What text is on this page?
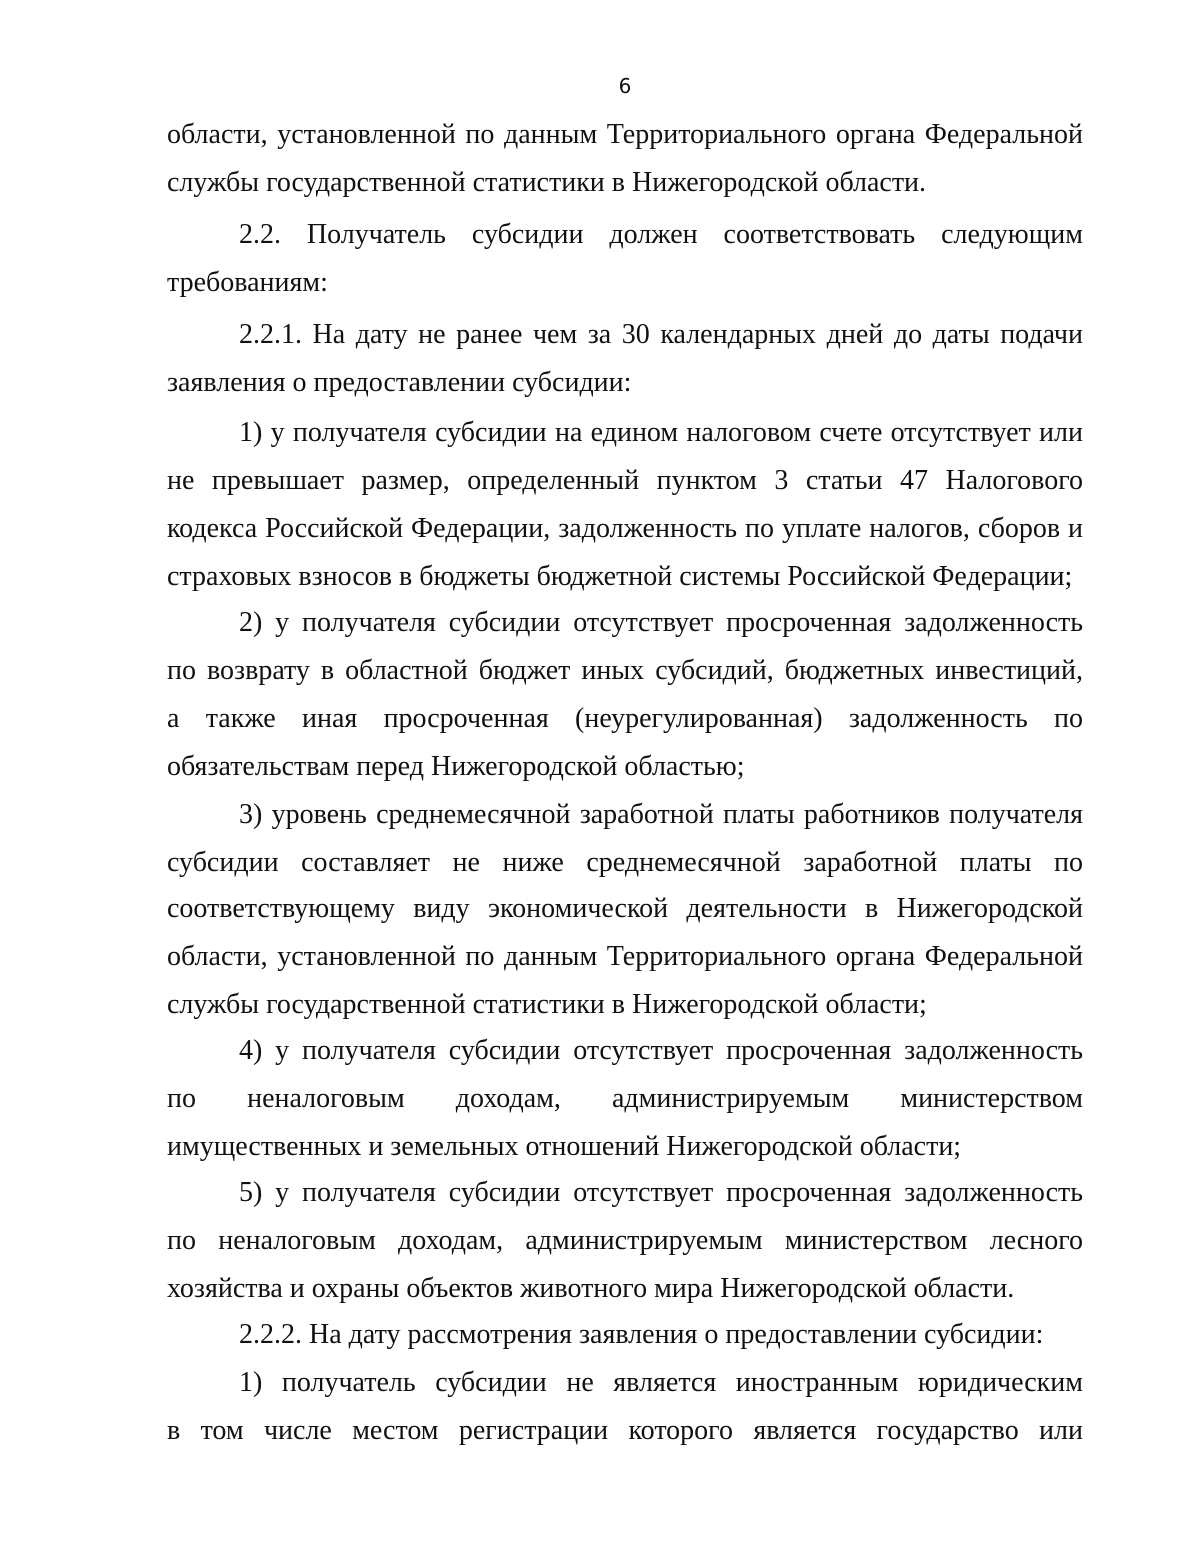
6
области, установленной по данным Территориального органа Федеральной
службы государственной статистики в Нижегородской области.
2.2. Получатель субсидии должен соответствовать следующим
требованиям:
2.2.1. На дату не ранее чем за 30 календарных дней до даты подачи
заявления о предоставлении субсидии:
1) у получателя субсидии на едином налоговом счете отсутствует или
не превышает размер, определенный пунктом 3 статьи 47 Налогового
кодекса Российской Федерации, задолженность по уплате налогов, сборов и
страховых взносов в бюджеты бюджетной системы Российской Федерации;
2) у получателя субсидии отсутствует просроченная задолженность
по возврату в областной бюджет иных субсидий, бюджетных инвестиций,
а также иная просроченная (неурегулированная) задолженность по
обязательствам перед Нижегородской областью;
3) уровень среднемесячной заработной платы работников получателя
субсидии составляет не ниже среднемесячной заработной платы по
соответствующему виду экономической деятельности в Нижегородской
области, установленной по данным Территориального органа Федеральной
службы государственной статистики в Нижегородской области;
4) у получателя субсидии отсутствует просроченная задолженность
по неналоговым доходам, администрируемым министерством
имущественных и земельных отношений Нижегородской области;
5) у получателя субсидии отсутствует просроченная задолженность
по неналоговым доходам, администрируемым министерством лесного
хозяйства и охраны объектов животного мира Нижегородской области.
2.2.2. На дату рассмотрения заявления о предоставлении субсидии:
1) получатель субсидии не является иностранным юридическим
в том числе местом регистрации которого является государство или
